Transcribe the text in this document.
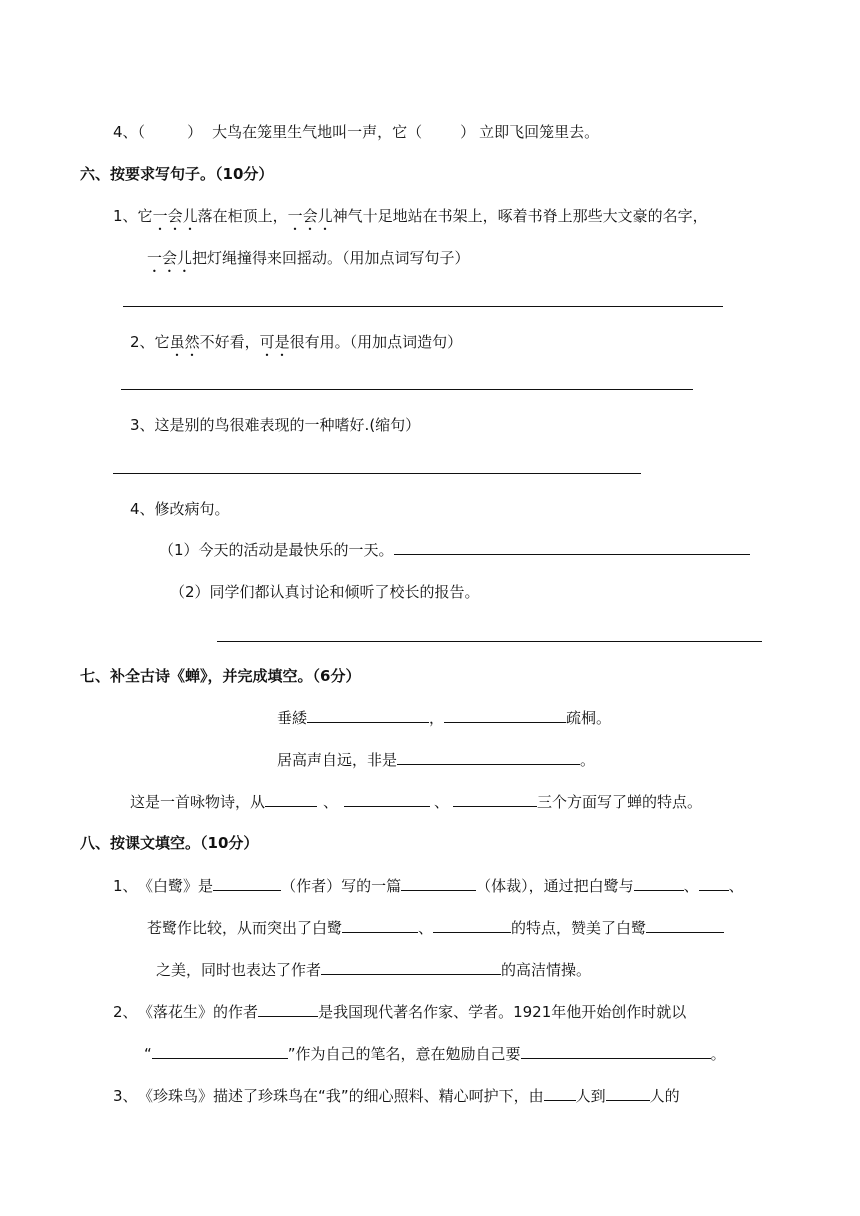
4、（	） 大鸟在笼里生气地叫一声，它（	） 立即飞回笼里去。
六、按要求写句子。（10分）
1、它一会儿落在柜顶上，一会儿神气十足地站在书架上，啄着书脊上那些大文豪的名字，
一会儿把灯绳撞得来回摇动。（用加点词写句子）
2、它虽然不好看，可是很有用。（用加点词造句）
3、这是别的鸟很难表现的一种嗜好.(缩句）
4、修改病句。
（1）今天的活动是最快乐的一天。
（2）同学们都认真讨论和倾听了校长的报告。
七、补全古诗《蝉》，并完成填空。（6分）
垂緌	，	疏桐。
居高声自远，非是	。
这是一首咏物诗，从	、	、	三个方面写了蝉的特点。
八、按课文填空。（10分）
1、 《白鹭》是	（作者）写的一篇	（体裁），通过把白鹭与	、 、
苍鹭作比较，从而突出了白鹭	、	的特点，赞美了白鹭
之美，同时也表达了作者	的高洁情操。
2、 《落花生》的作者	是我国现代著名作家、学者。1921年他开始创作时就以
“	”作为自己的笔名，意在勉励自己要	。
3、 《珍珠鸟》描述了珍珠鸟在“我”的细心照料、精心呵护下，由 人到	人的
